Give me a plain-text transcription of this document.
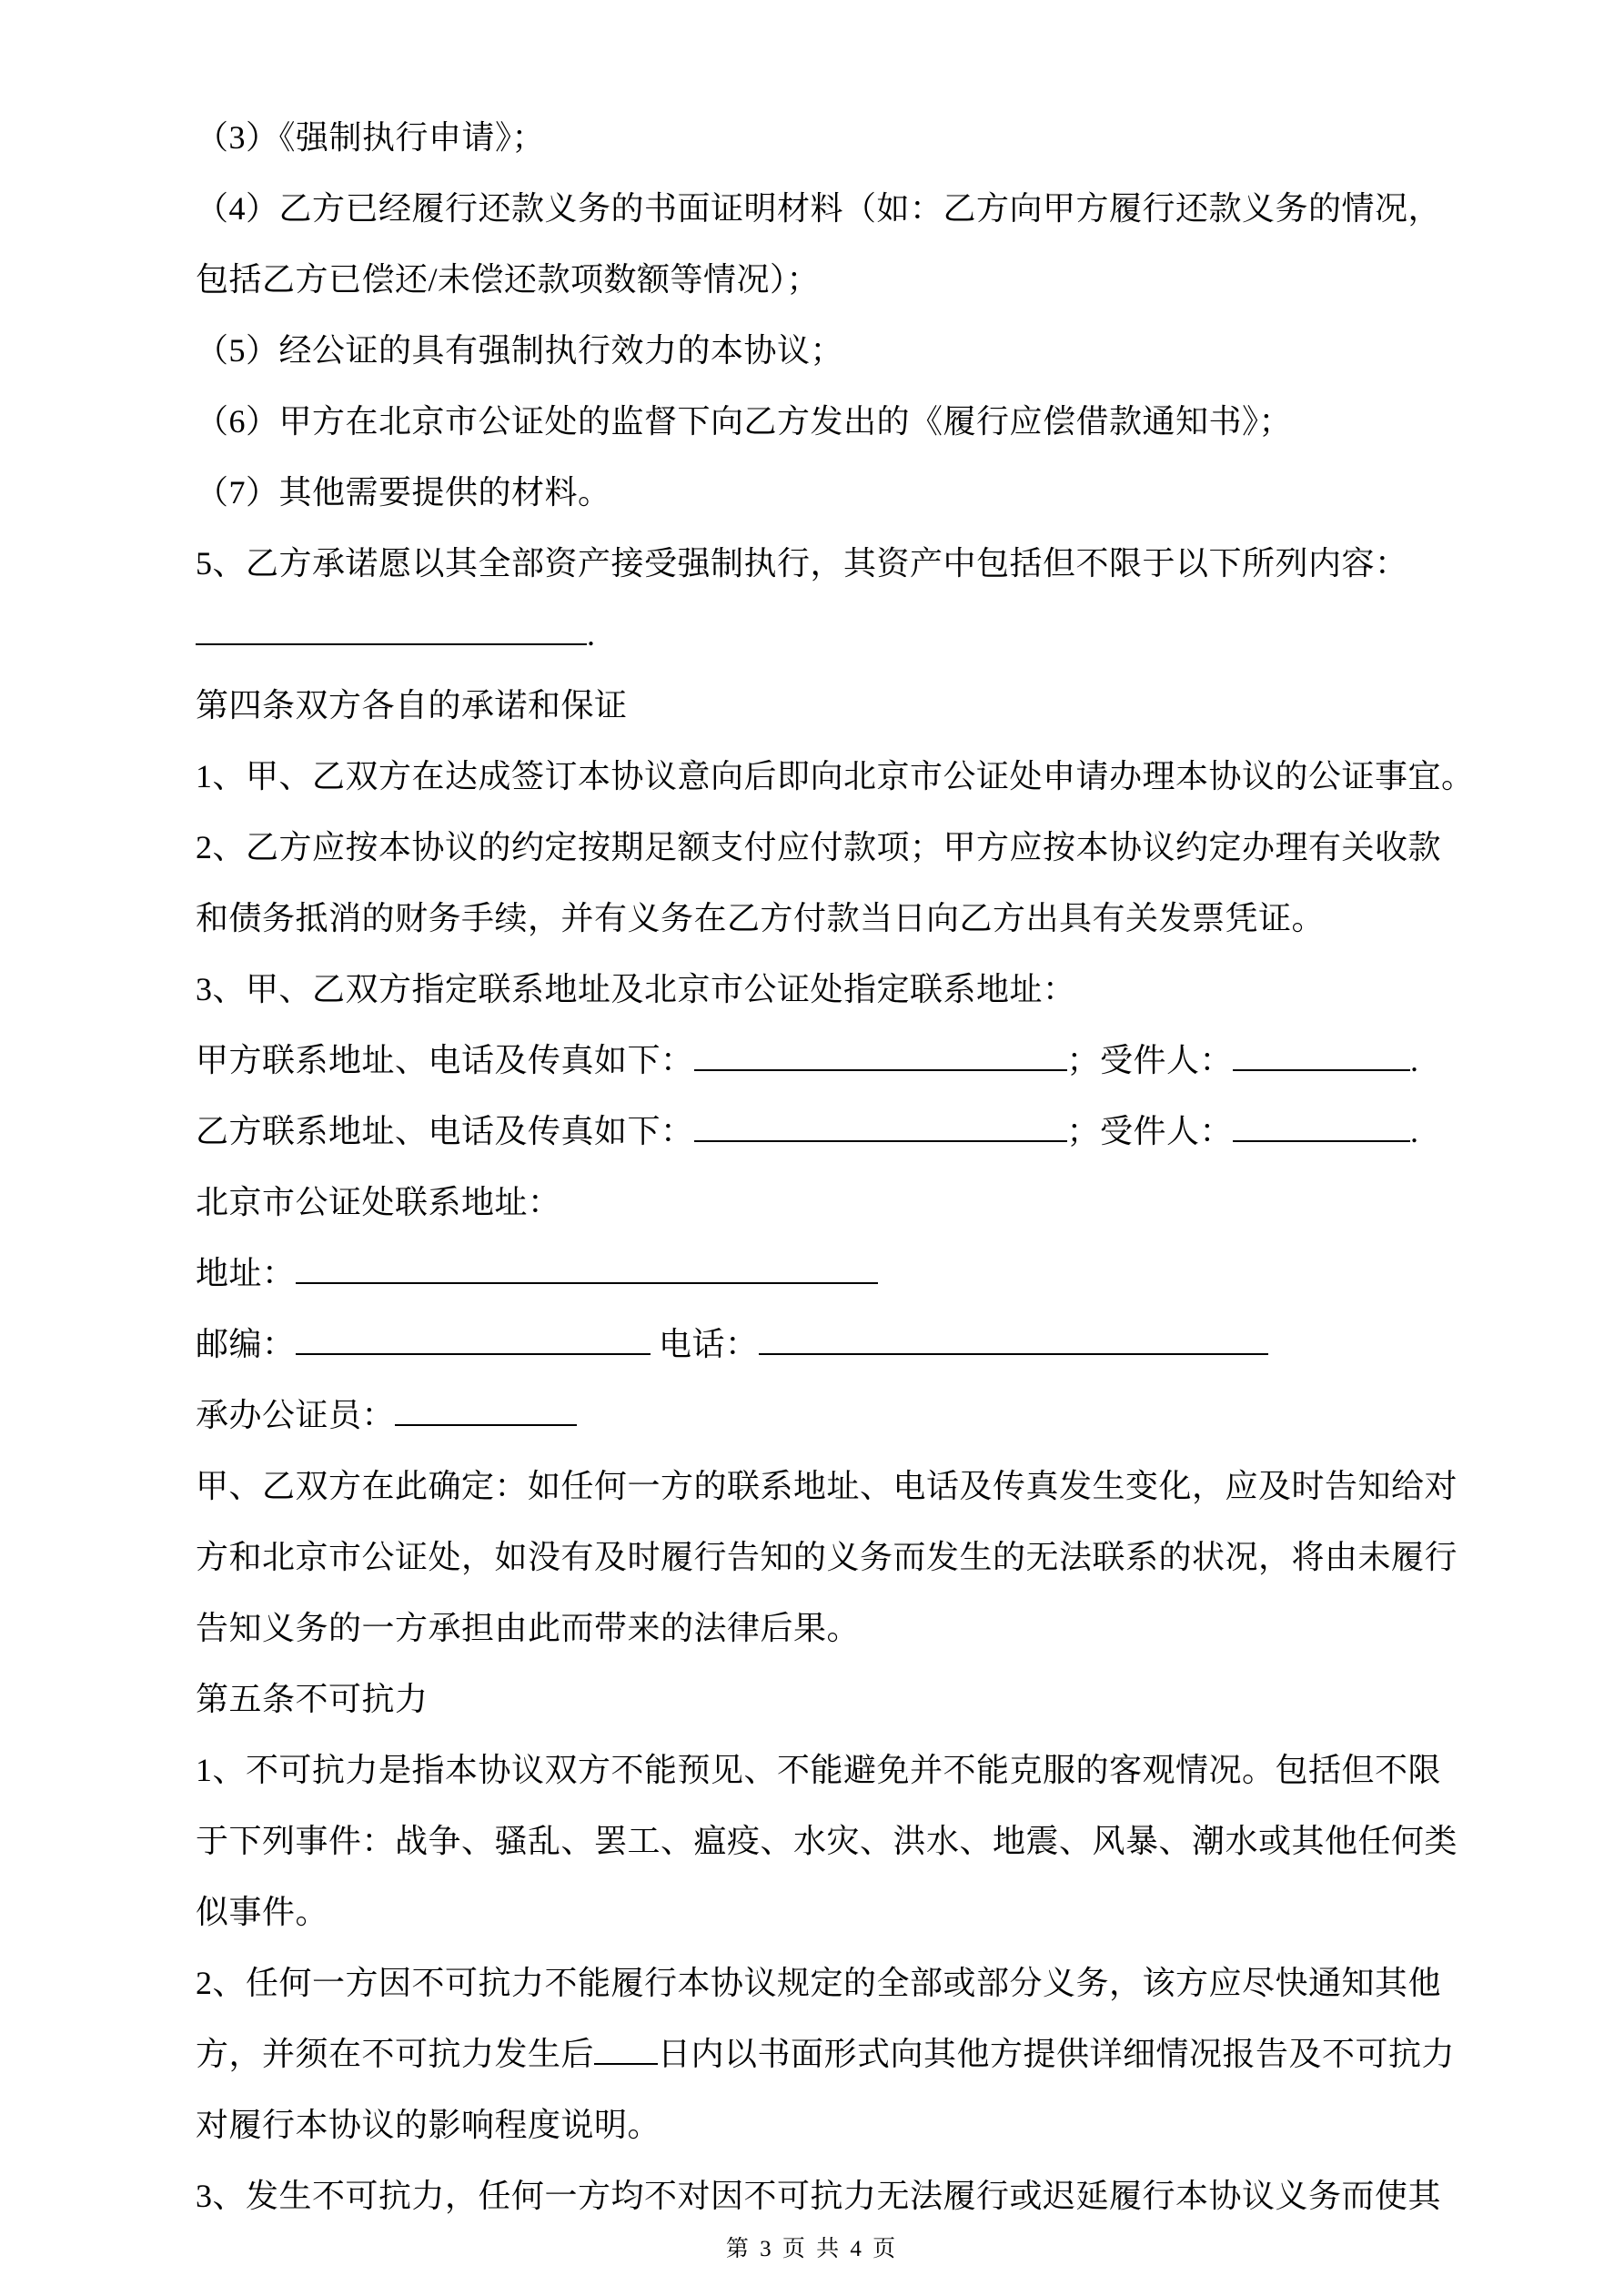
（3）《强制执行申请》；

（4）乙方已经履行还款义务的书面证明材料（如：乙方向甲方履行还款义务的情况，

包括乙方已偿还/未偿还款项数额等情况）；

（5）经公证的具有强制执行效力的本协议；

（6）甲方在北京市公证处的监督下向乙方发出的《履行应偿借款通知书》；

（7）其他需要提供的材料。

5、乙方承诺愿以其全部资产接受强制执行，其资产中包括但不限于以下所列内容：

.

第四条双方各自的承诺和保证

1、甲、乙双方在达成签订本协议意向后即向北京市公证处申请办理本协议的公证事宜。

2、乙方应按本协议的约定按期足额支付应付款项；甲方应按本协议约定办理有关收款

和债务抵消的财务手续，并有义务在乙方付款当日向乙方出具有关发票凭证。

3、甲、乙双方指定联系地址及北京市公证处指定联系地址：

甲方联系地址、电话及传真如下：	；受件人：	.

乙方联系地址、电话及传真如下：	；受件人：	.

北京市公证处联系地址：

地址：

邮编：	电话：

承办公证员：

甲、乙双方在此确定：如任何一方的联系地址、电话及传真发生变化，应及时告知给对

方和北京市公证处，如没有及时履行告知的义务而发生的无法联系的状况，将由未履行

告知义务的一方承担由此而带来的法律后果。

第五条不可抗力

1、不可抗力是指本协议双方不能预见、不能避免并不能克服的客观情况。包括但不限

于下列事件：战争、骚乱、罢工、瘟疫、水灾、洪水、地震、风暴、潮水或其他任何类

似事件。

2、任何一方因不可抗力不能履行本协议规定的全部或部分义务，该方应尽快通知其他

方，并须在不可抗力发生后 日内以书面形式向其他方提供详细情况报告及不可抗力

对履行本协议的影响程度说明。

3、发生不可抗力，任何一方均不对因不可抗力无法履行或迟延履行本协议义务而使其

第 3 页 共 4 页
